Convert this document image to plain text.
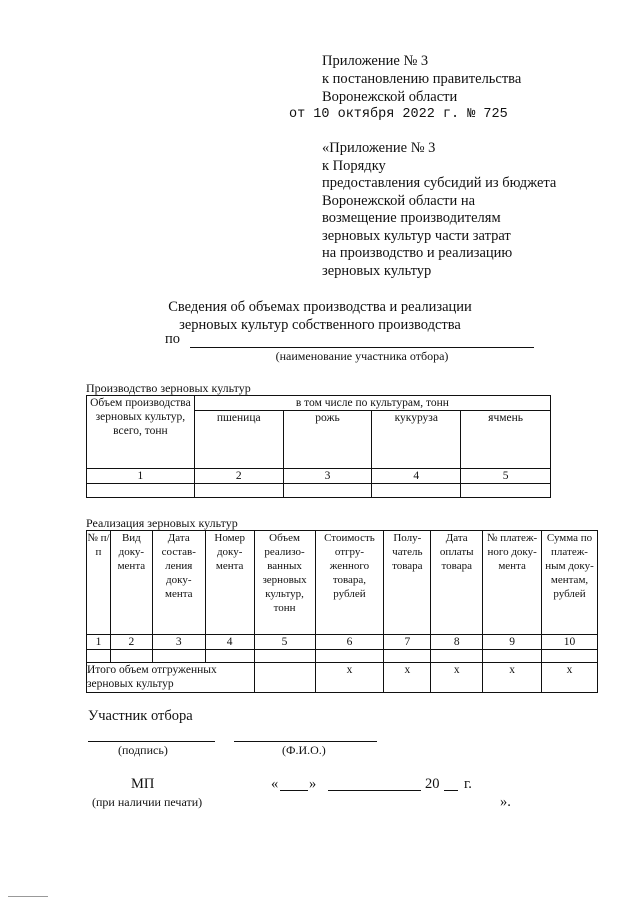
Приложение № 3
к постановлению правительства
Воронежской области
от 10 октября 2022 г. № 725
«Приложение № 3
к Порядку
предоставления субсидий из бюджета
Воронежской области на
возмещение производителям
зерновых культур части затрат
на производство и реализацию
зерновых культур
Сведения об объемах производства и реализации
зерновых культур собственного производства
по
(наименование участника отбора)
Производство зерновых культур
Объем производства зерновых культур, всего, тонн	в том числе по культурам, тонн			
	пшеница	рожь	кукуруза	ячмень
1	2	3	4	5

Реализация зерновых культур
№ п/п	Вид доку-мента	Дата состав-ления доку-мента	Номер доку-мента	Объем реализо-ванных зерновых культур, тонн	Стоимость отгру-женного товара, рублей	Полу-чатель товара	Дата оплаты товара	№ платеж-ного доку-мента	Сумма по платеж-ным доку-ментам, рублей
1	2	3	4	5	6	7	8	9	10

Итого объем отгруженных зерновых культур					х	х	х	х	х
Участник отбора
(подпись)	(Ф.И.О.)
МП	« »	20 г.
(при наличии печати)	».
